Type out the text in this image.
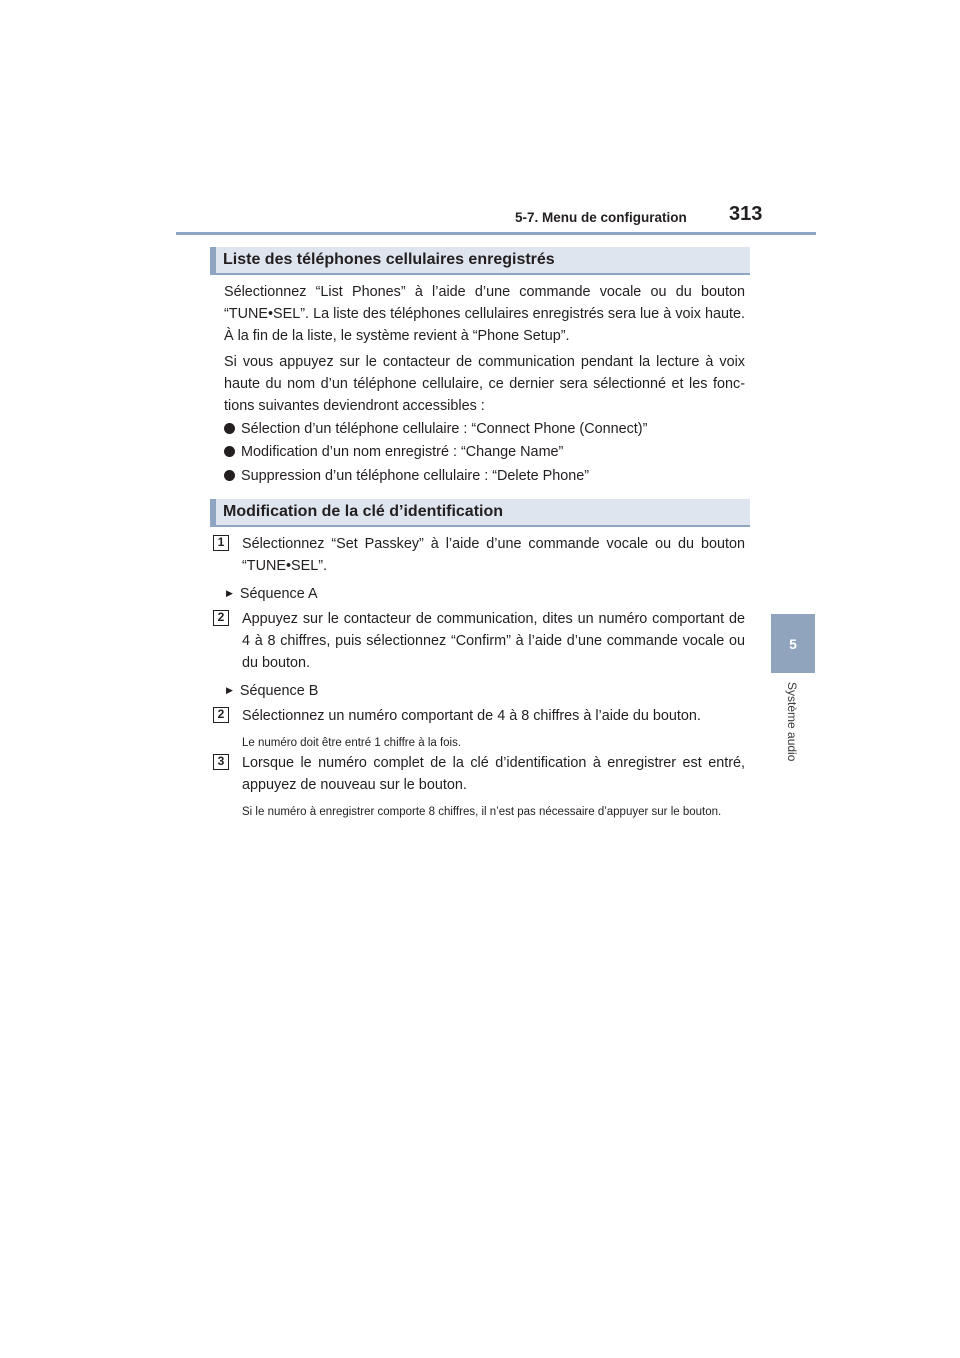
5-7. Menu de configuration 313
5
Système audio
Liste des téléphones cellulaires enregistrés
Sélectionnez “List Phones” à l’aide d’une commande vocale ou du bouton “TUNE•SEL”. La liste des téléphones cellulaires enregistrés sera lue à voix haute. À la fin de la liste, le système revient à “Phone Setup”.
Si vous appuyez sur le contacteur de communication pendant la lecture à voix haute du nom d’un téléphone cellulaire, ce dernier sera sélectionné et les fonc-tions suivantes deviendront accessibles :
Sélection d’un téléphone cellulaire : “Connect Phone (Connect)”
Modification d’un nom enregistré : “Change Name”
Suppression d’un téléphone cellulaire : “Delete Phone”
Modification de la clé d’identification
1	Sélectionnez “Set Passkey” à l’aide d’une commande vocale ou du bouton “TUNE•SEL”.
▶ Séquence A
2	Appuyez sur le contacteur de communication, dites un numéro comportant de 4 à 8 chiffres, puis sélectionnez “Confirm” à l’aide d’une commande vocale ou du bouton.
▶ Séquence B
2	Sélectionnez un numéro comportant de 4 à 8 chiffres à l’aide du bouton.
Le numéro doit être entré 1 chiffre à la fois.
3	Lorsque le numéro complet de la clé d’identification à enregistrer est entré, appuyez de nouveau sur le bouton.
Si le numéro à enregistrer comporte 8 chiffres, il n’est pas nécessaire d’appuyer sur le bouton.
